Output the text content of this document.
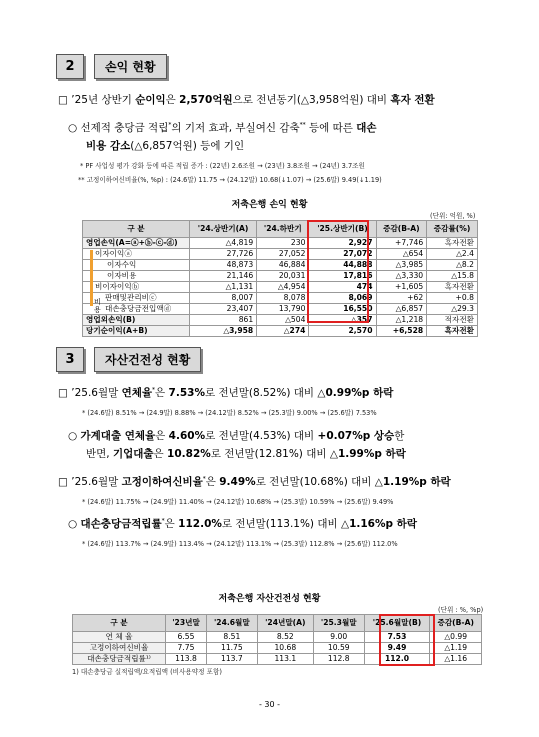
2	손익 현황
□ ’25년 상반기 순이익은 2,570억원으로 전년동기(△3,958억원) 대비 흑자 전환
○ 선제적 충당금 적립*의 기저 효과, 부실여신 감축** 등에 따른 대손
비용 감소(△6,857억원) 등에 기인
* PF 사업성 평가 강화 등에 따른 적립 증가 : (22년) 2.6조원 → (23년) 3.8조원 → (24년) 3.7조원
** 고정이하여신비율(%, %p) : (24.6말) 11.75 → (24.12말) 10.68(↓1.07) → (25.6말) 9.49(↓1.19)
저축은행 손익 현황
(단위: 억원, %)
구 분	'24.상반기(A)	'24.하반기	'25.상반기(B)	증감(B-A)	증감률(%)
영업손익(A=ⓐ+ⓑ-ⓒ-ⓓ)	△4,819	230	2,927	+7,746	흑자전환
이자이익ⓐ	27,726	27,052	27,072	△654	△2.4
이자수익	48,873	46,884	44,888	△3,985	△8.2
이자비용	21,146	20,031	17,816	△3,330	△15.8
비이자이익ⓑ	△1,131	△4,954	474	+1,605	흑자전환
판매및관리비ⓒ	8,007	8,078	8,069	+62	+0.8
대손충당금전입액ⓓ	23,407	13,790	16,550	△6,857	△29.3
영업외손익(B)	861	△504	△357	△1,218	적자전환
당기순이익(A+B)	△3,958	△274	2,570	+6,528	흑자전환
비
용
3	자산건전성 현황
□ ’25.6월말 연체율*은 7.53%로 전년말(8.52%) 대비 △0.99%p 하락
* (24.6말) 8.51% → (24.9말) 8.88% → (24.12말) 8.52% → (25.3말) 9.00% → (25.6말) 7.53%
○ 가계대출 연체율은 4.60%로 전년말(4.53%) 대비 +0.07%p 상승한
반면, 기업대출은 10.82%로 전년말(12.81%) 대비 △1.99%p 하락
□ ’25.6월말 고정이하여신비율*은 9.49%로 전년말(10.68%) 대비 △1.19%p 하락
* (24.6말) 11.75% → (24.9말) 11.40% → (24.12말) 10.68% → (25.3말) 10.59% → (25.6말) 9.49%
○ 대손충당금적립률*은 112.0%로 전년말(113.1%) 대비 △1.16%p 하락
* (24.6말) 113.7% → (24.9말) 113.4% → (24.12말) 113.1% → (25.3말) 112.8% → (25.6말) 112.0%
저축은행 자산건전성 현황
(단위 : %, %p)
구 분	'23년말	'24.6월말	'24년말(A)	'25.3월말	'25.6월말(B)	증감(B-A)
연 체 율	6.55	8.51	8.52	9.00	7.53	△0.99
고정이하여신비율	7.75	11.75	10.68	10.59	9.49	△1.19
대손충당금적립률¹⁾	113.8	113.7	113.1	112.8	112.0	△1.16
1) 대손충당금 실적립액/요적립액 (비사용약정 포함)
- 30 -
